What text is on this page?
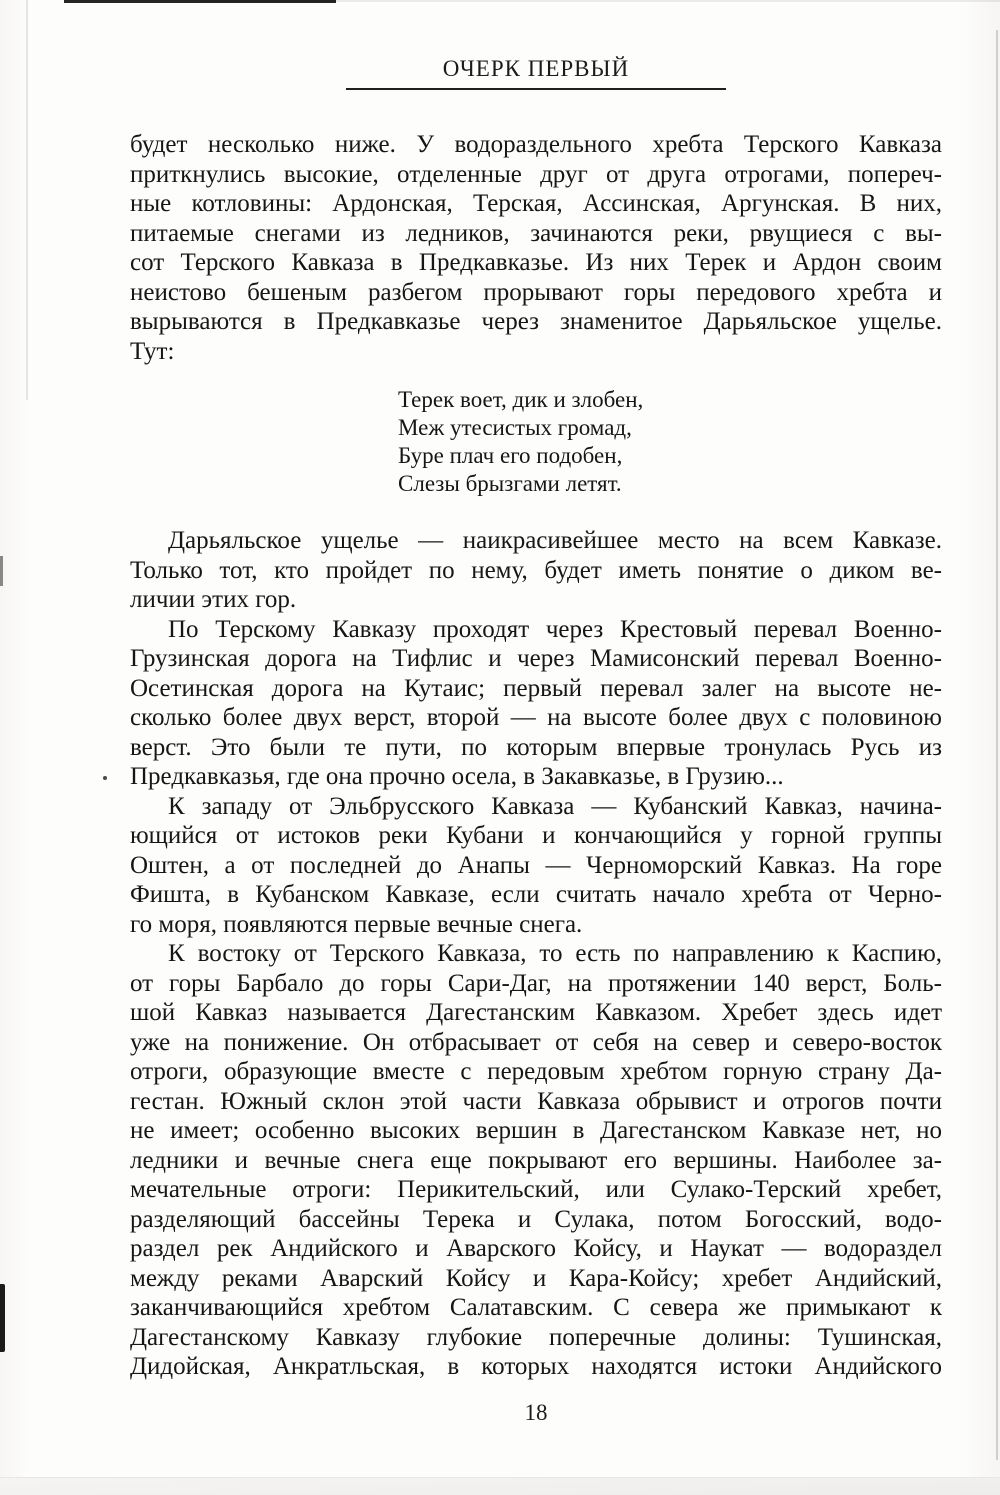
ОЧЕРК ПЕРВЫЙ
будет несколько ниже. У водораздельного хребта Терского Кавказа
приткнулись высокие, отделенные друг от друга отрогами, попереч-
ные котловины: Ардонская, Терская, Ассинская, Аргунская. В них,
питаемые снегами из ледников, зачинаются реки, рвущиеся с вы-
сот Терского Кавказа в Предкавказье. Из них Терек и Ардон своим
неистово бешеным разбегом прорывают горы передового хребта и
вырываются в Предкавказье через знаменитое Дарьяльское ущелье.
Тут:
Терек воет, дик и злобен,
Меж утесистых громад,
Буре плач его подобен,
Слезы брызгами летят.
Дарьяльское ущелье — наикрасивейшее место на всем Кавказе.
Только тот, кто пройдет по нему, будет иметь понятие о диком ве-
личии этих гор.
По Терскому Кавказу проходят через Крестовый перевал Военно-
Грузинская дорога на Тифлис и через Мамисонский перевал Военно-
Осетинская дорога на Кутаис; первый перевал залег на высоте не-
сколько более двух верст, второй — на высоте более двух с половиною
верст. Это были те пути, по которым впервые тронулась Русь из
Предкавказья, где она прочно осела, в Закавказье, в Грузию...
К западу от Эльбрусского Кавказа — Кубанский Кавказ, начина-
ющийся от истоков реки Кубани и кончающийся у горной группы
Оштен, а от последней до Анапы — Черноморский Кавказ. На горе
Фишта, в Кубанском Кавказе, если считать начало хребта от Черно-
го моря, появляются первые вечные снега.
К востоку от Терского Кавказа, то есть по направлению к Каспию,
от горы Барбало до горы Сари-Даг, на протяжении 140 верст, Боль-
шой Кавказ называется Дагестанским Кавказом. Хребет здесь идет
уже на понижение. Он отбрасывает от себя на север и северо-восток
отроги, образующие вместе с передовым хребтом горную страну Да-
гестан. Южный склон этой части Кавказа обрывист и отрогов почти
не имеет; особенно высоких вершин в Дагестанском Кавказе нет, но
ледники и вечные снега еще покрывают его вершины. Наиболее за-
мечательные отроги: Перикительский, или Сулако-Терский хребет,
разделяющий бассейны Терека и Сулака, потом Богосский, водо-
раздел рек Андийского и Аварского Койсу, и Наукат — водораздел
между реками Аварский Койсу и Кара-Койсу; хребет Андийский,
заканчивающийся хребтом Салатавским. С севера же примыкают к
Дагестанскому Кавказу глубокие поперечные долины: Тушинская,
Дидойская, Анкратльская, в которых находятся истоки Андийского
18
